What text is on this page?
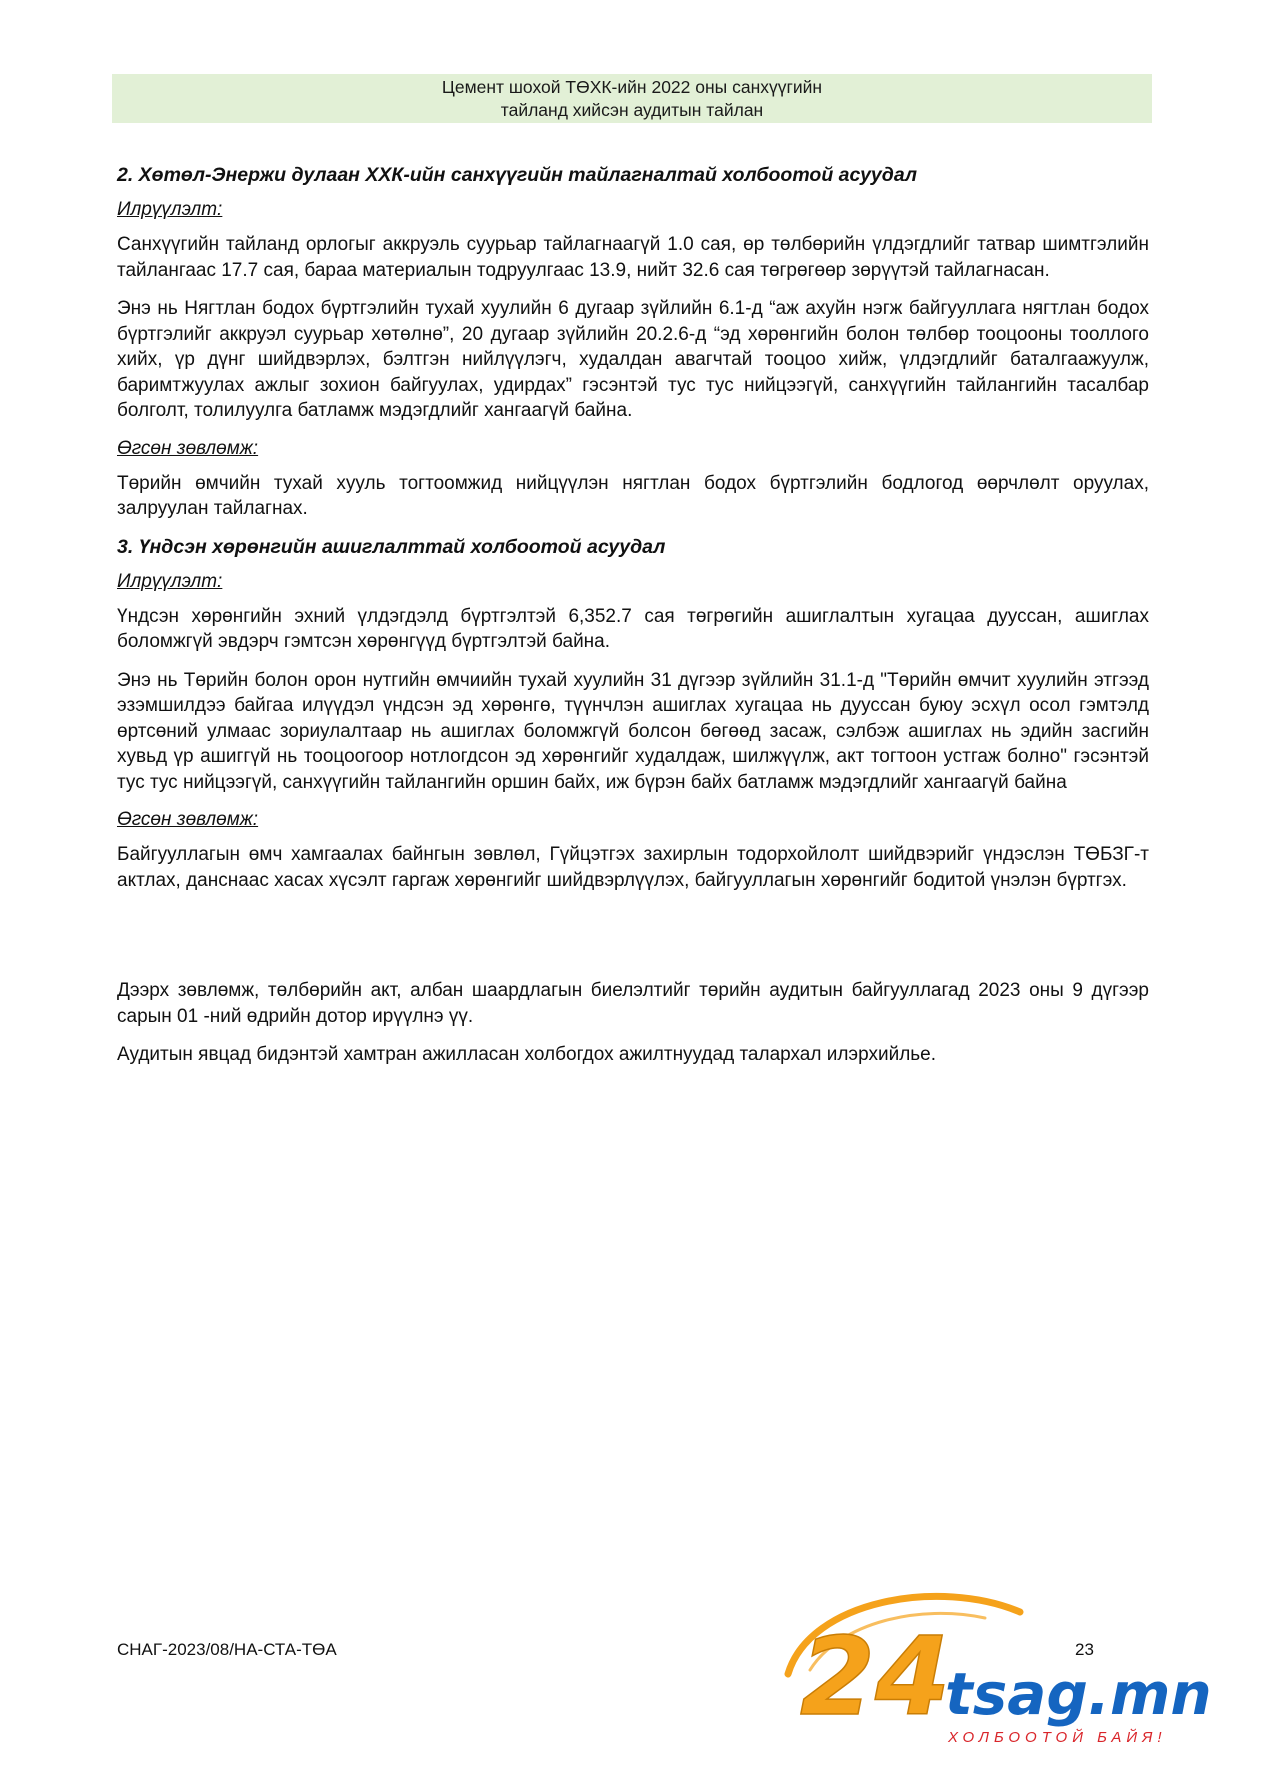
Цемент шохой ТӨХК-ийн 2022 оны санхүүгийн
тайланд хийсэн аудитын тайлан
2. Хөтөл-Энержи дулаан ХХК-ийн санхүүгийн тайлагналтай холбоотой асуудал
Илрүүлэлт:

Санхүүгийн тайланд орлогыг аккруэль суурьар тайлагнаагүй 1.0 сая, өр төлбөрийн үлдэгдлийг татвар шимтгэлийн тайлангаас 17.7 сая, бараа материалын тодруулгаас 13.9, нийт 32.6 сая төгрөгөөр зөрүүтэй тайлагнасан.

Энэ нь Нягтлан бодох бүртгэлийн тухай хуулийн 6 дугаар зүйлийн 6.1-д “аж ахуйн нэгж байгууллага нягтлан бодох бүртгэлийг аккруэл суурьар хөтөлнө”, 20 дугаар зүйлийн 20.2.6-д “эд хөрөнгийн болон төлбөр тооцооны тооллого хийх, үр дүнг шийдвэрлэх, бэлтгэн нийлүүлэгч, худалдан авагчтай тооцоо хийж, үлдэгдлийг баталгаажуулж, баримтжуулах ажлыг зохион байгуулах, удирдах” гэсэнтэй тус тус нийцээгүй, санхүүгийн тайлангийн тасалбар болголт, толилуулга батламж мэдэгдлийг хангаагүй байна.

Өгсөн зөвлөмж:

Төрийн өмчийн тухай хууль тогтоомжид нийцүүлэн нягтлан бодох бүртгэлийн бодлогод өөрчлөлт оруулах, залруулан тайлагнах.

3. Үндсэн хөрөнгийн ашиглалттай холбоотой асуудал
Илрүүлэлт:

Үндсэн хөрөнгийн эхний үлдэгдэлд бүртгэлтэй 6,352.7 сая төгрөгийн ашиглалтын хугацаа дууссан, ашиглах боломжгүй эвдэрч гэмтсэн хөрөнгүүд бүртгэлтэй байна.

Энэ нь Төрийн болон орон нутгийн өмчиийн тухай хуулийн 31 дүгээр зүйлийн 31.1-д "Төрийн өмчит хуулийн этгээд эзэмшилдээ байгаа илүүдэл үндсэн эд хөрөнгө, түүнчлэн ашиглах хугацаа нь дууссан буюу эсхүл осол гэмтэлд өртсөний улмаас зориулалтаар нь ашиглах боломжгүй болсон бөгөөд засаж, сэлбэж ашиглах нь эдийн засгийн хувьд үр ашиггүй нь тооцоогоор нотлогдсон эд хөрөнгийг худалдаж, шилжүүлж, акт тогтоон устгаж болно" гэсэнтэй тус тус нийцээгүй, санхүүгийн тайлангийн оршин байх, иж бүрэн байх батламж мэдэгдлийг хангаагүй байна

Өгсөн зөвлөмж:

Байгууллагын өмч хамгаалах байнгын зөвлөл, Гүйцэтгэх захирлын тодорхойлолт шийдвэрийг үндэслэн ТӨБЗГ-т актлах, данснаас хасах хүсэлт гаргаж хөрөнгийг шийдвэрлүүлэх, байгууллагын хөрөнгийг бодитой үнэлэн бүртгэх.

Дээрх зөвлөмж, төлбөрийн акт, албан шаардлагын биелэлтийг төрийн аудитын байгууллагад 2023 оны 9 дүгээр сарын 01 -ний өдрийн дотор ирүүлнэ үү.

Аудитын явцад бидэнтэй хамтран ажилласан холбогдох ажилтнуудад талархал илэрхийлье.

СНАГ-2023/08/НА-СТА-ТӨА	23
24
tsag.mn
ХОЛБООТОЙ БАЙЯ!
